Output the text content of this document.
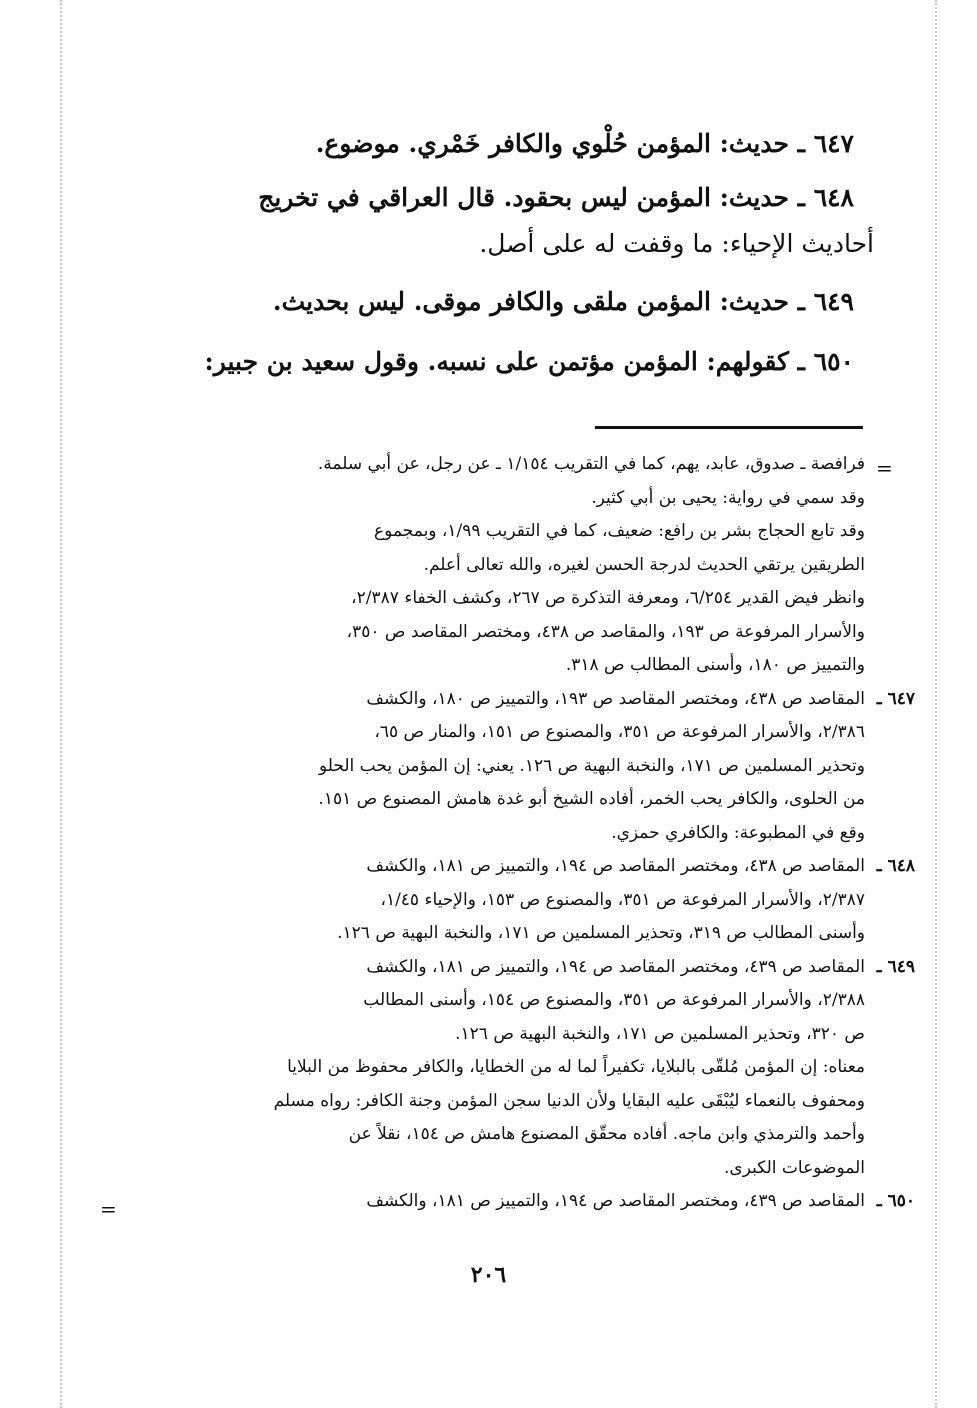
٦٤٧ ـ حديث: المؤمن حُلْوي والكافر خَمْري. موضوع.

٦٤٨ ـ حديث: المؤمن ليس بحقود. قال العراقي في تخريج

أحاديث الإحياء: ما وقفت له على أصل.

٦٤٩ ـ حديث: المؤمن ملقى والكافر موقى. ليس بحديث.

٦٥٠ ـ كقولهم: المؤمن مؤتمن على نسبه. وقول سعيد بن جبير:

=
فرافصة ـ صدوق، عابد، يهم، كما في التقريب ١/١٥٤ ـ عن رجل، عن أبي سلمة.
وقد سمي في رواية: يحيى بن أبي كثير.
وقد تابع الحجاج بشر بن رافع: ضعيف، كما في التقريب ١/٩٩، وبمجموع
الطريقين يرتقي الحديث لدرجة الحسن لغيره، والله تعالى أعلم.
وانظر فيض القدير ٦/٢٥٤، ومعرفة التذكرة ص ٢٦٧، وكشف الخفاء ٢/٣٨٧،
والأسرار المرفوعة ص ١٩٣، والمقاصد ص ٤٣٨، ومختصر المقاصد ص ٣٥٠،
والتمييز ص ١٨٠، وأسنى المطالب ص ٣١٨.
٦٤٧ ـ
المقاصد ص ٤٣٨، ومختصر المقاصد ص ١٩٣، والتمييز ص ١٨٠، والكشف
٢/٣٨٦، والأسرار المرفوعة ص ٣٥١، والمصنوع ص ١٥١، والمنار ص ٦٥،
وتحذير المسلمين ص ١٧١، والنخبة البهية ص ١٢٦. يعني: إن المؤمن يحب الحلو
من الحلوى، والكافر يحب الخمر، أفاده الشيخ أبو غدة هامش المصنوع ص ١٥١.
وقع في المطبوعة: والكافري حمزي.
٦٤٨ ـ
المقاصد ص ٤٣٨، ومختصر المقاصد ص ١٩٤، والتمييز ص ١٨١، والكشف
٢/٣٨٧، والأسرار المرفوعة ص ٣٥١، والمصنوع ص ١٥٣، والإحياء ١/٤٥،
وأسنى المطالب ص ٣١٩، وتحذير المسلمين ص ١٧١، والنخبة البهية ص ١٢٦.
٦٤٩ ـ
المقاصد ص ٤٣٩، ومختصر المقاصد ص ١٩٤، والتمييز ص ١٨١، والكشف
٢/٣٨٨، والأسرار المرفوعة ص ٣٥١، والمصنوع ص ١٥٤، وأسنى المطالب
ص ٣٢٠، وتحذير المسلمين ص ١٧١، والنخبة البهية ص ١٢٦.
معناه: إن المؤمن مُلقّى بالبلايا، تكفيراً لما له من الخطايا، والكافر محفوظ من البلايا
ومحفوف بالنعماء ليُبْقَى عليه البقايا ولأن الدنيا سجن المؤمن وجنة الكافر: رواه مسلم
وأحمد والترمذي وابن ماجه. أفاده محقّق المصنوع هامش ص ١٥٤، نقلاً عن
الموضوعات الكبرى.
٦٥٠ ـ
المقاصد ص ٤٣٩، ومختصر المقاصد ص ١٩٤، والتمييز ص ١٨١، والكشف
=
٢٠٦
